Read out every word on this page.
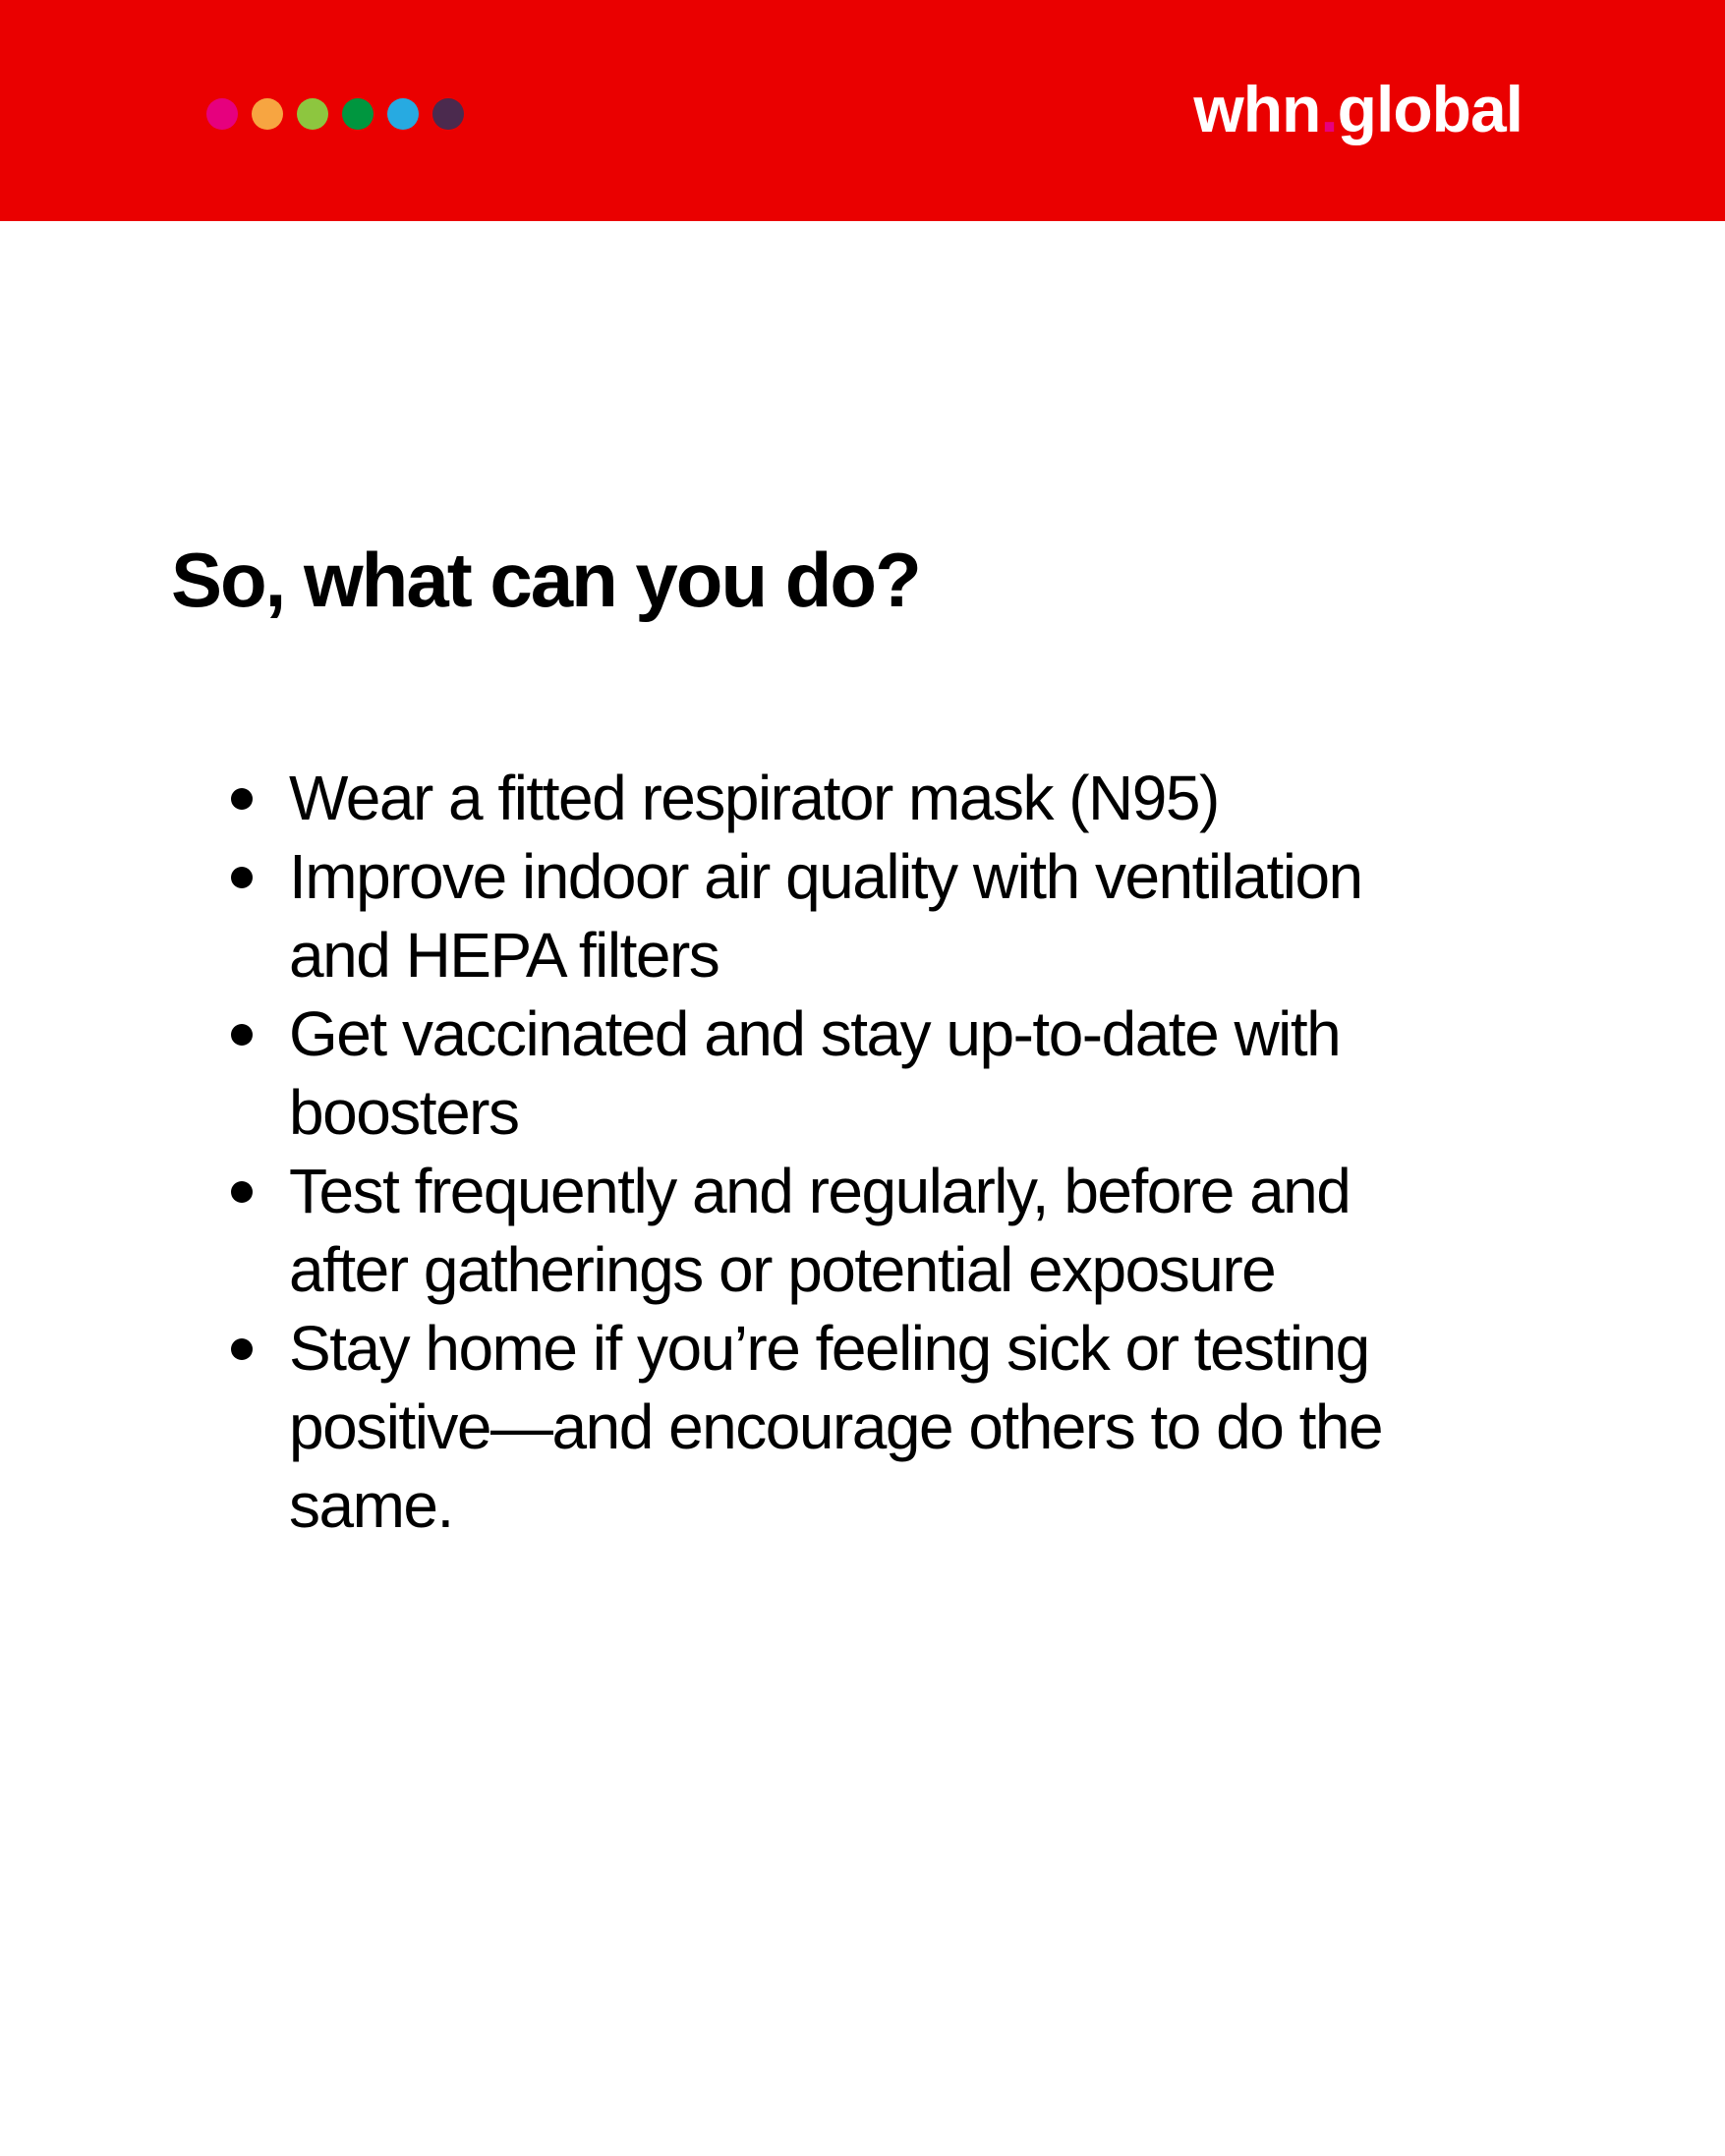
whn.global
So, what can you do?
Wear a fitted respirator mask (N95)
Improve indoor air quality with ventilation
and HEPA filters
Get vaccinated and stay up-to-date with
boosters
Test frequently and regularly, before and
after gatherings or potential exposure
Stay home if you’re feeling sick or testing
positive—and encourage others to do the
same.
